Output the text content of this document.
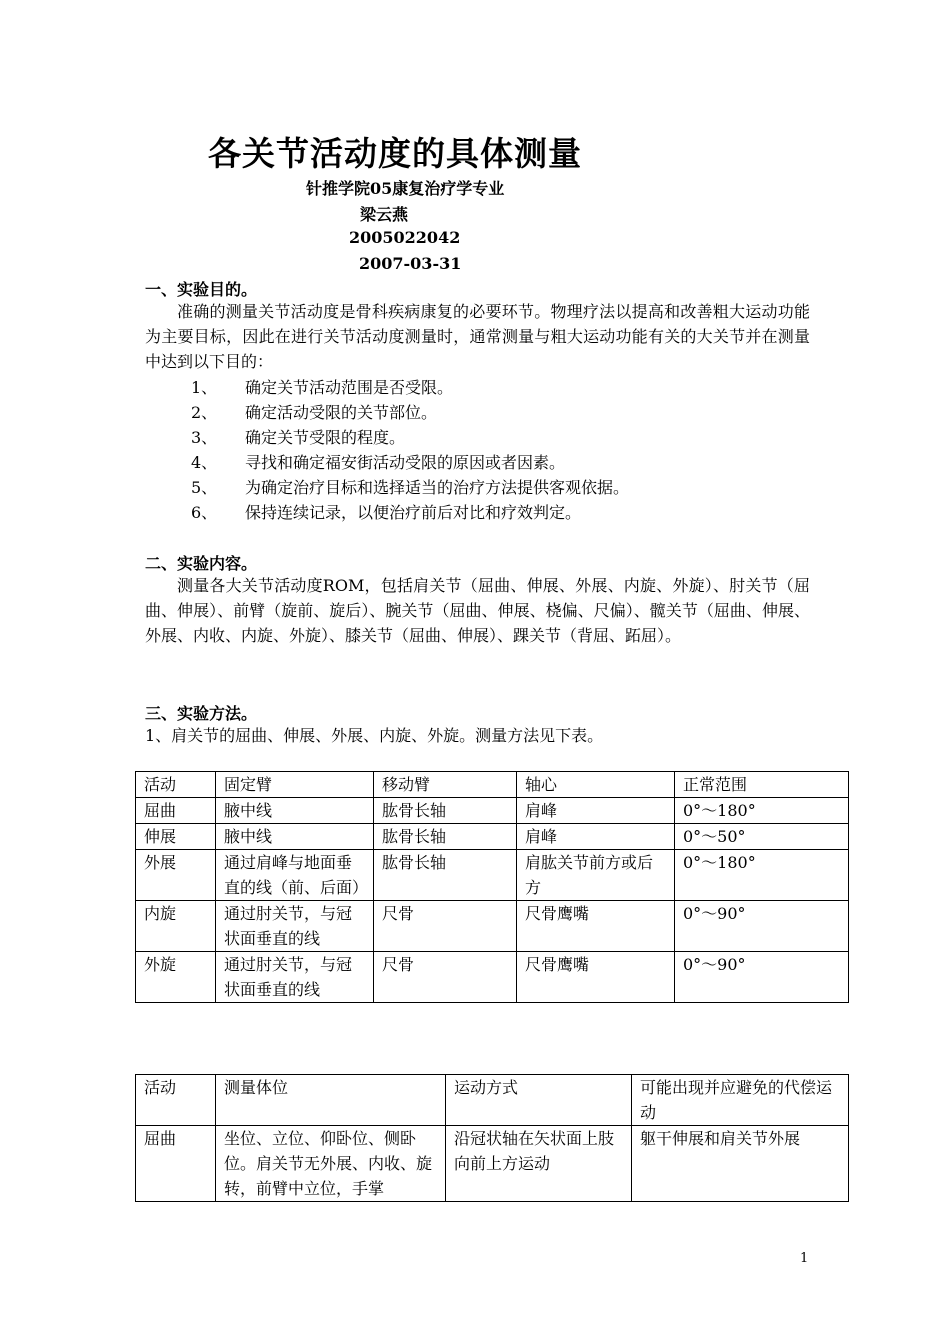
各关节活动度的具体测量
针推学院05康复治疗学专业
梁云燕
2005022042
2007-03-31
一、实验目的。
准确的测量关节活动度是骨科疾病康复的必要环节。物理疗法以提高和改善粗大运动功能为主要目标，因此在进行关节活动度测量时，通常测量与粗大运动功能有关的大关节并在测量中达到以下目的：
1、	确定关节活动范围是否受限。
2、	确定活动受限的关节部位。
3、	确定关节受限的程度。
4、	寻找和确定福安街活动受限的原因或者因素。
5、	为确定治疗目标和选择适当的治疗方法提供客观依据。
6、	保持连续记录，以便治疗前后对比和疗效判定。
二、实验内容。
测量各大关节活动度ROM，包括肩关节（屈曲、伸展、外展、内旋、外旋）、肘关节（屈曲、伸展）、前臂（旋前、旋后）、腕关节（屈曲、伸展、桡偏、尺偏）、髋关节（屈曲、伸展、外展、内收、内旋、外旋）、膝关节（屈曲、伸展）、踝关节（背屈、跖屈）。
三、实验方法。
1、肩关节的屈曲、伸展、外展、内旋、外旋。测量方法见下表。
活动	固定臂	移动臂	轴心	正常范围
屈曲	腋中线	肱骨长轴	肩峰	0°～180°
伸展	腋中线	肱骨长轴	肩峰	0°～50°
外展	通过肩峰与地面垂直的线（前、后面）	肱骨长轴	肩肱关节前方或后方	0°～180°
内旋	通过肘关节，与冠状面垂直的线	尺骨	尺骨鹰嘴	0°～90°
外旋	通过肘关节，与冠状面垂直的线	尺骨	尺骨鹰嘴	0°～90°
活动	测量体位	运动方式	可能出现并应避免的代偿运动
屈曲	坐位、立位、仰卧位、侧卧位。肩关节无外展、内收、旋转，前臂中立位，手掌	沿冠状轴在矢状面上肢向前上方运动	躯干伸展和肩关节外展
1
